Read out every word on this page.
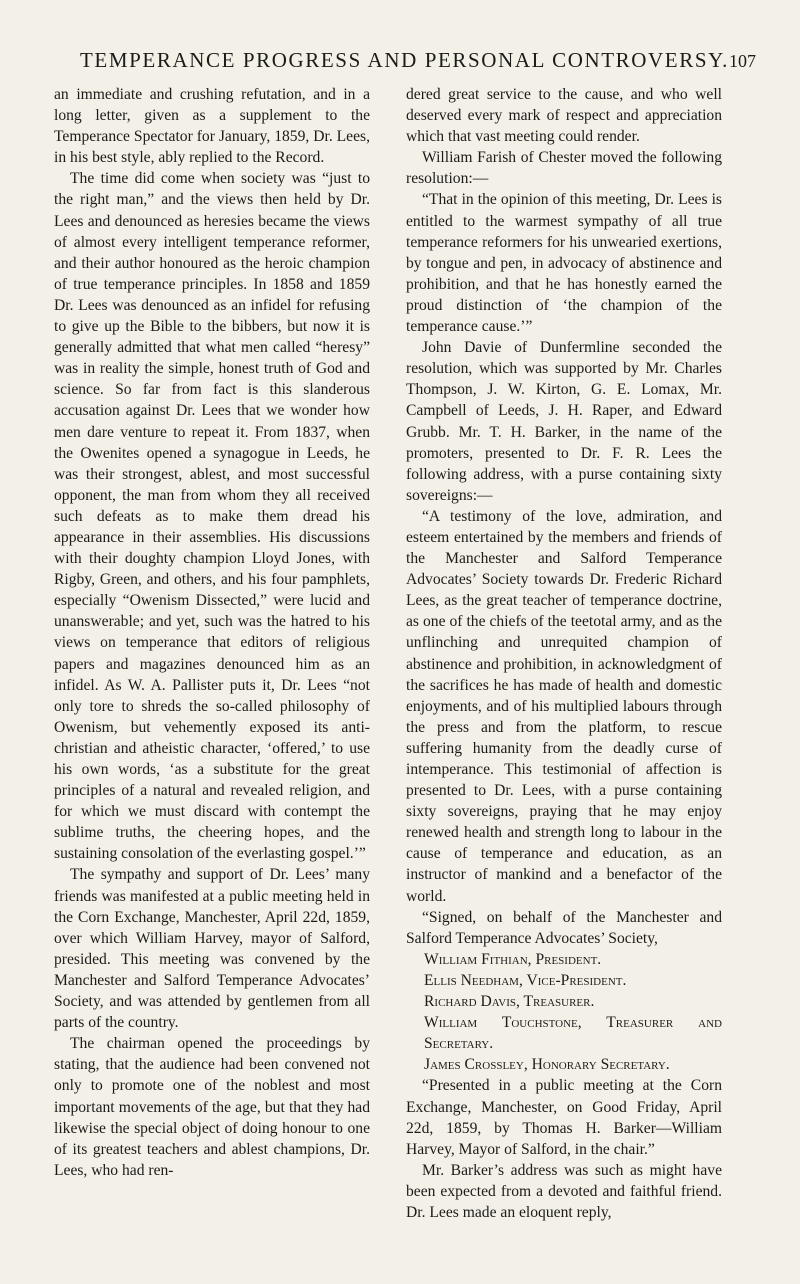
TEMPERANCE PROGRESS AND PERSONAL CONTROVERSY. 107

an immediate and crushing refutation, and in a long letter, given as a supplement to the Temperance Spectator for January, 1859, Dr. Lees, in his best style, ably replied to the Record.

The time did come when society was “just to the right man,” and the views then held by Dr. Lees and denounced as heresies became the views of almost every intelligent temperance reformer, and their author honoured as the heroic champion of true temperance principles. In 1858 and 1859 Dr. Lees was denounced as an infidel for refusing to give up the Bible to the bibbers, but now it is generally admitted that what men called “heresy” was in reality the simple, honest truth of God and science. So far from fact is this slanderous accusation against Dr. Lees that we wonder how men dare venture to repeat it. From 1837, when the Owenites opened a synagogue in Leeds, he was their strongest, ablest, and most successful opponent, the man from whom they all received such defeats as to make them dread his appearance in their assemblies. His discussions with their doughty champion Lloyd Jones, with Rigby, Green, and others, and his four pamphlets, especially “Owenism Dissected,” were lucid and unanswerable; and yet, such was the hatred to his views on temperance that editors of religious papers and magazines denounced him as an infidel. As W. A. Pallister puts it, Dr. Lees “not only tore to shreds the so-called philosophy of Owenism, but vehemently exposed its anti-christian and atheistic character, ‘offered,’ to use his own words, ‘as a substitute for the great principles of a natural and revealed religion, and for which we must discard with contempt the sublime truths, the cheering hopes, and the sustaining consolation of the everlasting gospel.’”

The sympathy and support of Dr. Lees’ many friends was manifested at a public meeting held in the Corn Exchange, Manchester, April 22d, 1859, over which William Harvey, mayor of Salford, presided. This meeting was convened by the Manchester and Salford Temperance Advocates’ Society, and was attended by gentlemen from all parts of the country.

The chairman opened the proceedings by stating, that the audience had been convened not only to promote one of the noblest and most important movements of the age, but that they had likewise the special object of doing honour to one of its greatest teachers and ablest champions, Dr. Lees, who had ren-

dered great service to the cause, and who well deserved every mark of respect and appreciation which that vast meeting could render.

William Farish of Chester moved the following resolution:—

“That in the opinion of this meeting, Dr. Lees is entitled to the warmest sympathy of all true temperance reformers for his unwearied exertions, by tongue and pen, in advocacy of abstinence and prohibition, and that he has honestly earned the proud distinction of ‘the champion of the temperance cause.’”

John Davie of Dunfermline seconded the resolution, which was supported by Mr. Charles Thompson, J. W. Kirton, G. E. Lomax, Mr. Campbell of Leeds, J. H. Raper, and Edward Grubb. Mr. T. H. Barker, in the name of the promoters, presented to Dr. F. R. Lees the following address, with a purse containing sixty sovereigns:—

“A testimony of the love, admiration, and esteem entertained by the members and friends of the Manchester and Salford Temperance Advocates’ Society towards Dr. Frederic Richard Lees, as the great teacher of temperance doctrine, as one of the chiefs of the teetotal army, and as the unflinching and unrequited champion of abstinence and prohibition, in acknowledgment of the sacrifices he has made of health and domestic enjoyments, and of his multiplied labours through the press and from the platform, to rescue suffering humanity from the deadly curse of intemperance. This testimonial of affection is presented to Dr. Lees, with a purse containing sixty sovereigns, praying that he may enjoy renewed health and strength long to labour in the cause of temperance and education, as an instructor of mankind and a benefactor of the world.

“Signed, on behalf of the Manchester and Salford Temperance Advocates’ Society,

William Fithian, President.

Ellis Needham, Vice-President.

Richard Davis, Treasurer.

William Touchstone, Treasurer and Secretary.

James Crossley, Honorary Secretary.

“Presented in a public meeting at the Corn Exchange, Manchester, on Good Friday, April 22d, 1859, by Thomas H. Barker—William Harvey, Mayor of Salford, in the chair.”

Mr. Barker’s address was such as might have been expected from a devoted and faithful friend. Dr. Lees made an eloquent reply,
